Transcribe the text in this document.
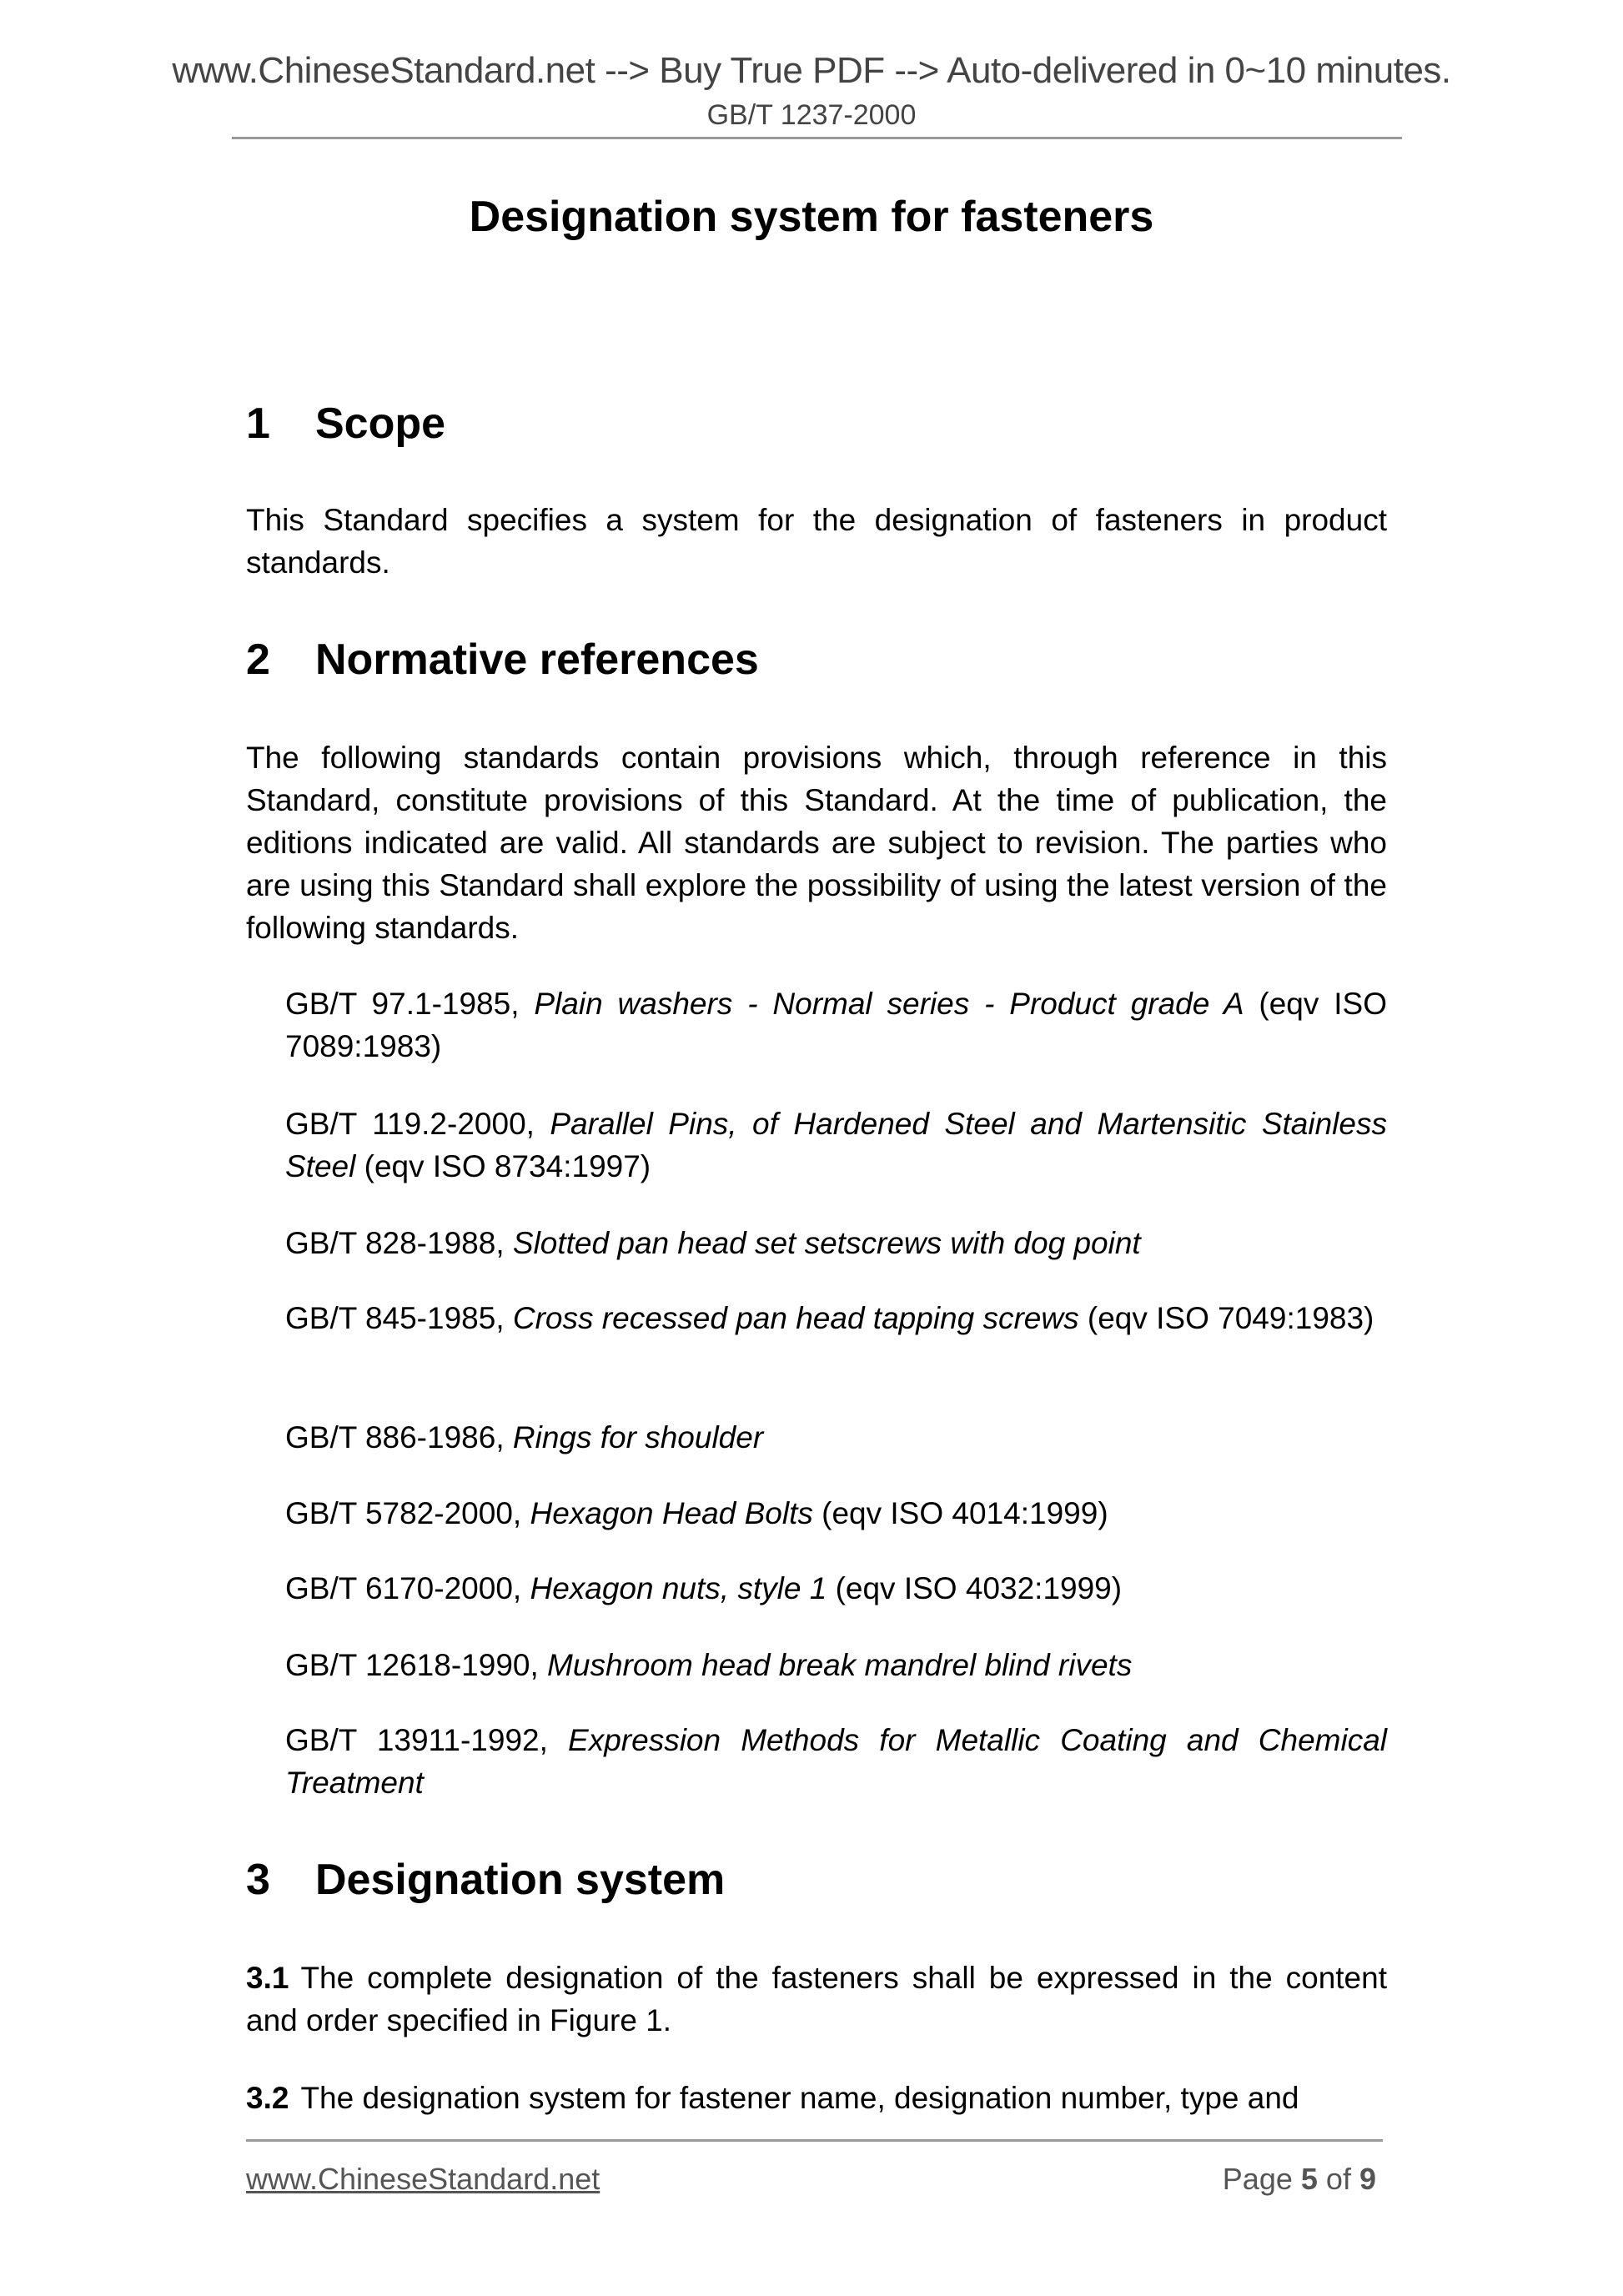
www.ChineseStandard.net --> Buy True PDF --> Auto-delivered in 0~10 minutes.
GB/T 1237-2000
Designation system for fasteners
1 Scope
This Standard specifies a system for the designation of fasteners in product standards.
2 Normative references
The following standards contain provisions which, through reference in this Standard, constitute provisions of this Standard. At the time of publication, the editions indicated are valid. All standards are subject to revision. The parties who are using this Standard shall explore the possibility of using the latest version of the following standards.
GB/T 97.1-1985, Plain washers - Normal series - Product grade A (eqv ISO 7089:1983)
GB/T 119.2-2000, Parallel Pins, of Hardened Steel and Martensitic Stainless Steel (eqv ISO 8734:1997)
GB/T 828-1988, Slotted pan head set setscrews with dog point
GB/T 845-1985, Cross recessed pan head tapping screws (eqv ISO 7049:1983)
GB/T 886-1986, Rings for shoulder
GB/T 5782-2000, Hexagon Head Bolts (eqv ISO 4014:1999)
GB/T 6170-2000, Hexagon nuts, style 1 (eqv ISO 4032:1999)
GB/T 12618-1990, Mushroom head break mandrel blind rivets
GB/T 13911-1992, Expression Methods for Metallic Coating and Chemical Treatment
3 Designation system
3.1 The complete designation of the fasteners shall be expressed in the content and order specified in Figure 1.
3.2 The designation system for fastener name, designation number, type and
www.ChineseStandard.net	Page 5 of 9
